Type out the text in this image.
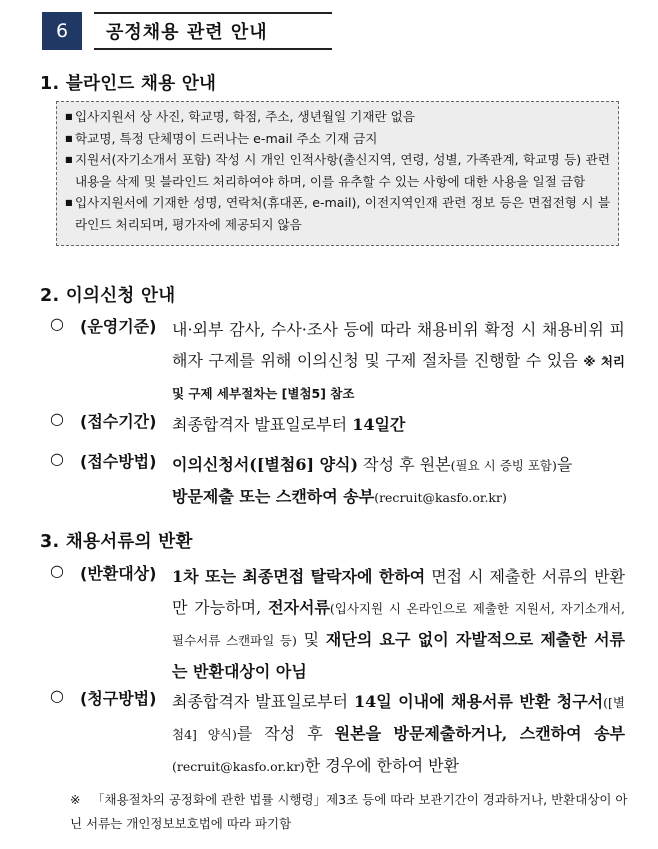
6	공정채용 관련 안내
1. 블라인드 채용 안내
■ 입사지원서 상 사진, 학교명, 학점, 주소, 생년월일 기재란 없음
■ 학교명, 특정 단체명이 드러나는 e-mail 주소 기재 금지
■ 지원서(자기소개서 포함) 작성 시 개인 인적사항(출신지역, 연령, 성별, 가족관계, 학교명 등) 관련 내용을 삭제 및 블라인드 처리하여야 하며, 이를 유추할 수 있는 사항에 대한 사용을 일절 금함
■ 입사지원서에 기재한 성명, 연락처(휴대폰, e-mail), 이전지역인재 관련 정보 등은 면접전형 시 블라인드 처리되며, 평가자에 제공되지 않음
2. 이의신청 안내
○	(운영기준) 내·외부 감사, 수사·조사 등에 따라 채용비위 확정 시 채용비위 피해자 구제를 위해 이의신청 및 구제 절차를 진행할 수 있음 ※ 처리 및 구제 세부절차는 [별첨5] 참조
○	(접수기간) 최종합격자 발표일로부터 14일간
○	(접수방법) 이의신청서([별첨6] 양식) 작성 후 원본(필요 시 증빙 포함)을
방문제출 또는 스캔하여 송부(recruit@kasfo.or.kr)
3. 채용서류의 반환
○	(반환대상) 1차 또는 최종면접 탈락자에 한하여 면접 시 제출한 서류의 반환만 가능하며, 전자서류(입사지원 시 온라인으로 제출한 지원서, 자기소개서, 필수서류 스캔파일 등) 및 재단의 요구 없이 자발적으로 제출한 서류는 반환대상이 아님
○	(청구방법) 최종합격자 발표일로부터 14일 이내에 채용서류 반환 청구서([별첨4] 양식)를 작성 후 원본을 방문제출하거나, 스캔하여 송부(recruit@kasfo.or.kr)한 경우에 한하여 반환
※ 「채용절차의 공정화에 관한 법률 시행령」제3조 등에 따라 보관기간이 경과하거나, 반환대상이 아닌 서류는 개인정보보호법에 따라 파기함
